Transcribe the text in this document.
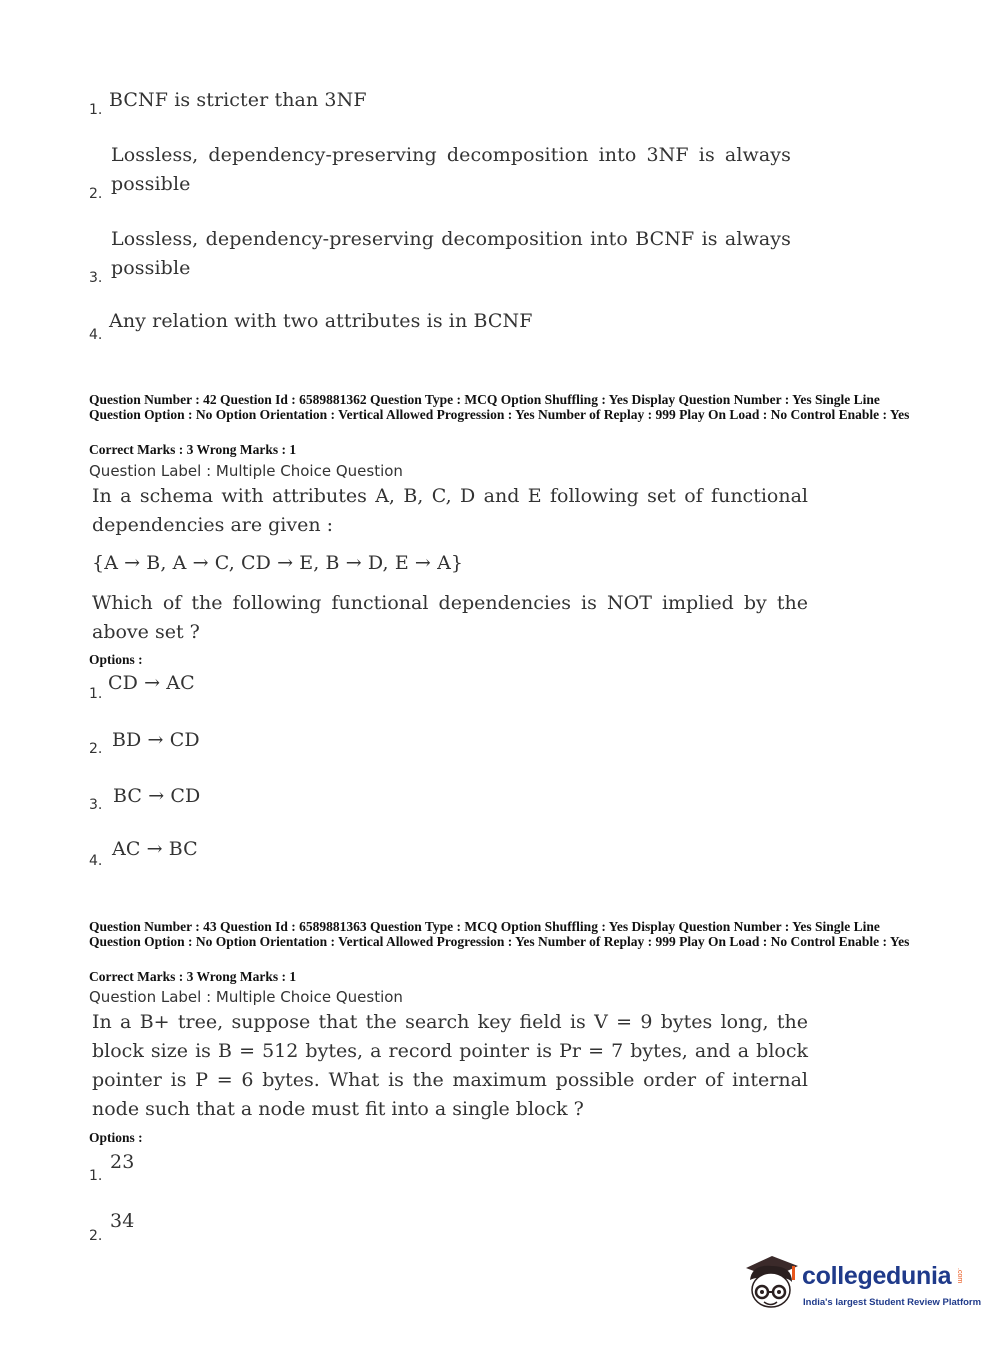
1. BCNF is stricter than 3NF
2.
Lossless, dependency-preserving decomposition into 3NF is always possible
3.
Lossless, dependency-preserving decomposition into BCNF is always possible
4.
Any relation with two attributes is in BCNF
Question Number : 42 Question Id : 6589881362 Question Type : MCQ Option Shuffling : Yes Display Question Number : Yes Single Line Question Option : No Option Orientation : Vertical Allowed Progression : Yes Number of Replay : 999 Play On Load : No Control Enable : Yes
Correct Marks : 3 Wrong Marks : 1
Question Label : Multiple Choice Question
In a schema with attributes A, B, C, D and E following set of functional dependencies are given :
{A → B, A → C, CD → E, B → D, E → A}
Which of the following functional dependencies is NOT implied by the above set ?
Options :
1. CD → AC
2. BD → CD
3. BC → CD
4.
AC → BC
Question Number : 43 Question Id : 6589881363 Question Type : MCQ Option Shuffling : Yes Display Question Number : Yes Single Line Question Option : No Option Orientation : Vertical Allowed Progression : Yes Number of Replay : 999 Play On Load : No Control Enable : Yes
Correct Marks : 3 Wrong Marks : 1
Question Label : Multiple Choice Question
In a B+ tree, suppose that the search key field is V = 9 bytes long, the block size is B = 512 bytes, a record pointer is Pr = 7 bytes, and a block pointer is P = 6 bytes. What is the maximum possible order of internal node such that a node must fit into a single block ?
Options :
1.
23
2.
34
collegedunia .com
India's largest Student Review Platform
